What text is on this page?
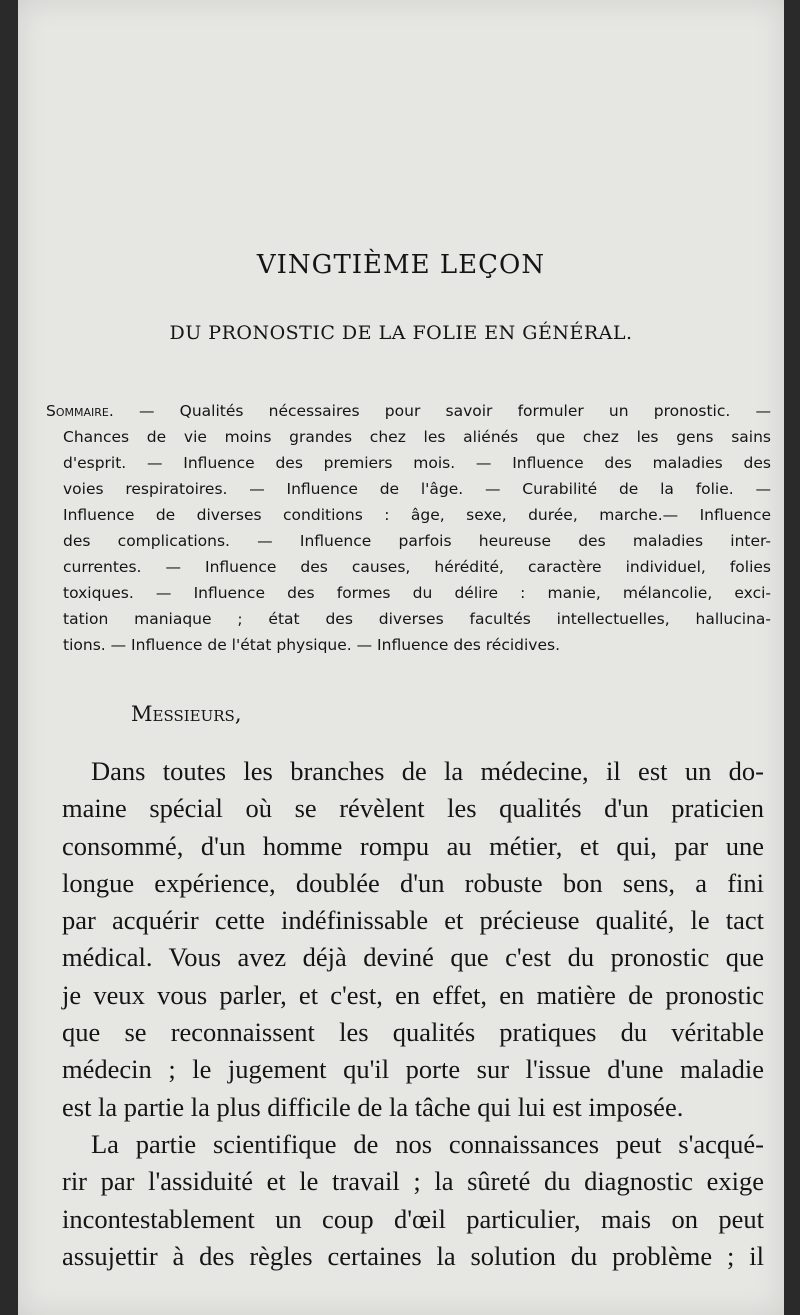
VINGTIÈME LEÇON
DU PRONOSTIC DE LA FOLIE EN GÉNÉRAL.
Sommaire. — Qualités nécessaires pour savoir formuler un pronostic. —
Chances de vie moins grandes chez les aliénés que chez les gens sains
d'esprit. — Influence des premiers mois. — Influence des maladies des
voies respiratoires. — Influence de l'âge. — Curabilité de la folie. —
Influence de diverses conditions : âge, sexe, durée, marche.— Influence
des complications. — Influence parfois heureuse des maladies inter-
currentes. — Influence des causes, hérédité, caractère individuel, folies
toxiques. — Influence des formes du délire : manie, mélancolie, exci-
tation maniaque ; état des diverses facultés intellectuelles, hallucina-
tions. — Influence de l'état physique. — Influence des récidives.
Messieurs,
Dans toutes les branches de la médecine, il est un do-
maine spécial où se révèlent les qualités d'un praticien
consommé, d'un homme rompu au métier, et qui, par une
longue expérience, doublée d'un robuste bon sens, a fini
par acquérir cette indéfinissable et précieuse qualité, le tact
médical. Vous avez déjà deviné que c'est du pronostic que
je veux vous parler, et c'est, en effet, en matière de pronostic
que se reconnaissent les qualités pratiques du véritable
médecin ; le jugement qu'il porte sur l'issue d'une maladie
est la partie la plus difficile de la tâche qui lui est imposée.
La partie scientifique de nos connaissances peut s'acqué-
rir par l'assiduité et le travail ; la sûreté du diagnostic exige
incontestablement un coup d'œil particulier, mais on peut
assujettir à des règles certaines la solution du problème ; il
